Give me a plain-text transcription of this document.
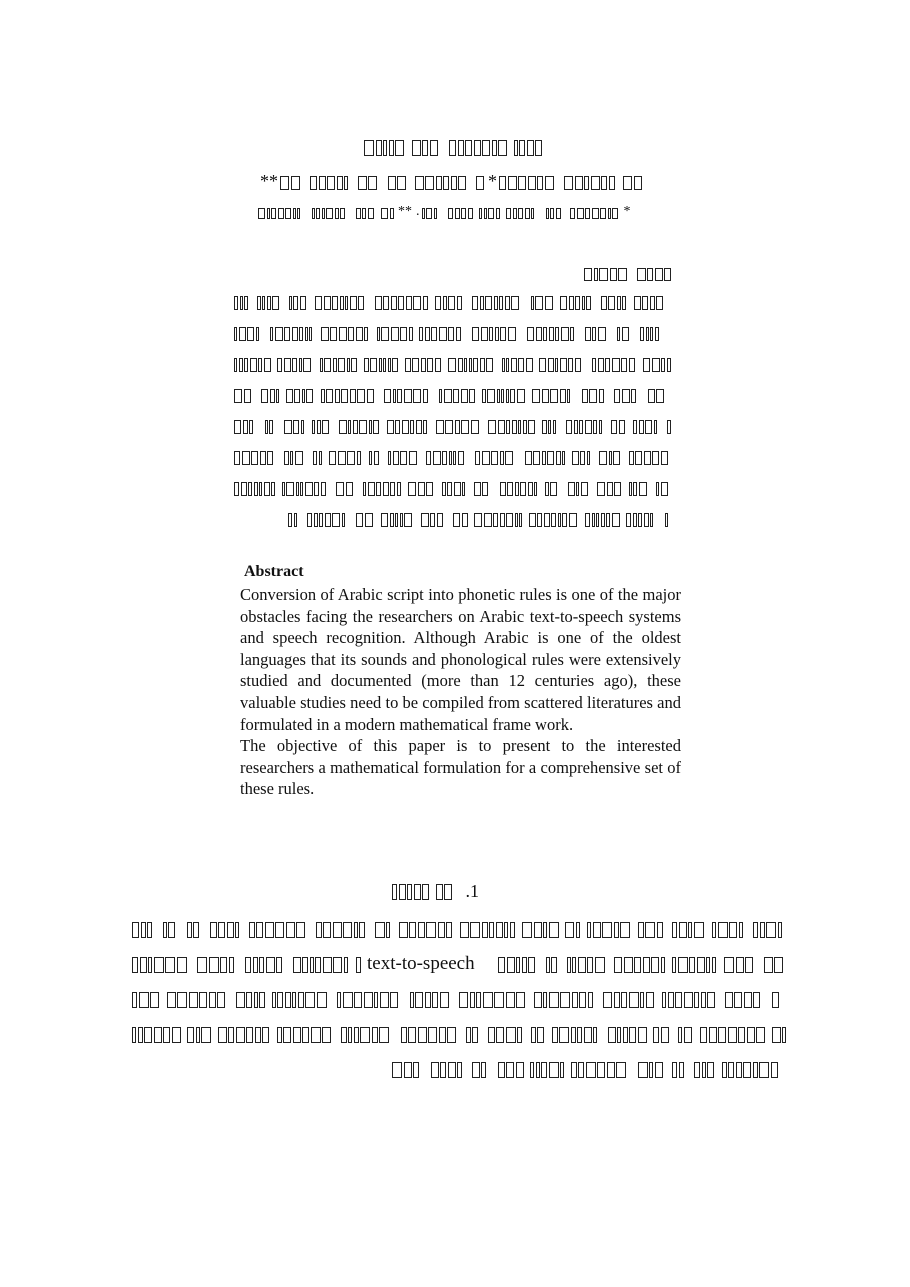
**	*
** .	*
Abstract

Conversion of Arabic script into phonetic rules is one of the major obstacles facing the researchers on Arabic text-to-speech systems and speech recognition. Although Arabic is one of the oldest languages that its sounds and phonological rules were extensively studied and documented (more than 12 centuries ago), these valuable studies need to be compiled from scattered literatures and formulated in a modern mathematical frame work.

The objective of this paper is to present to the interested researchers a mathematical formulation for a comprehensive set of these rules.

.1
text-to-speech
